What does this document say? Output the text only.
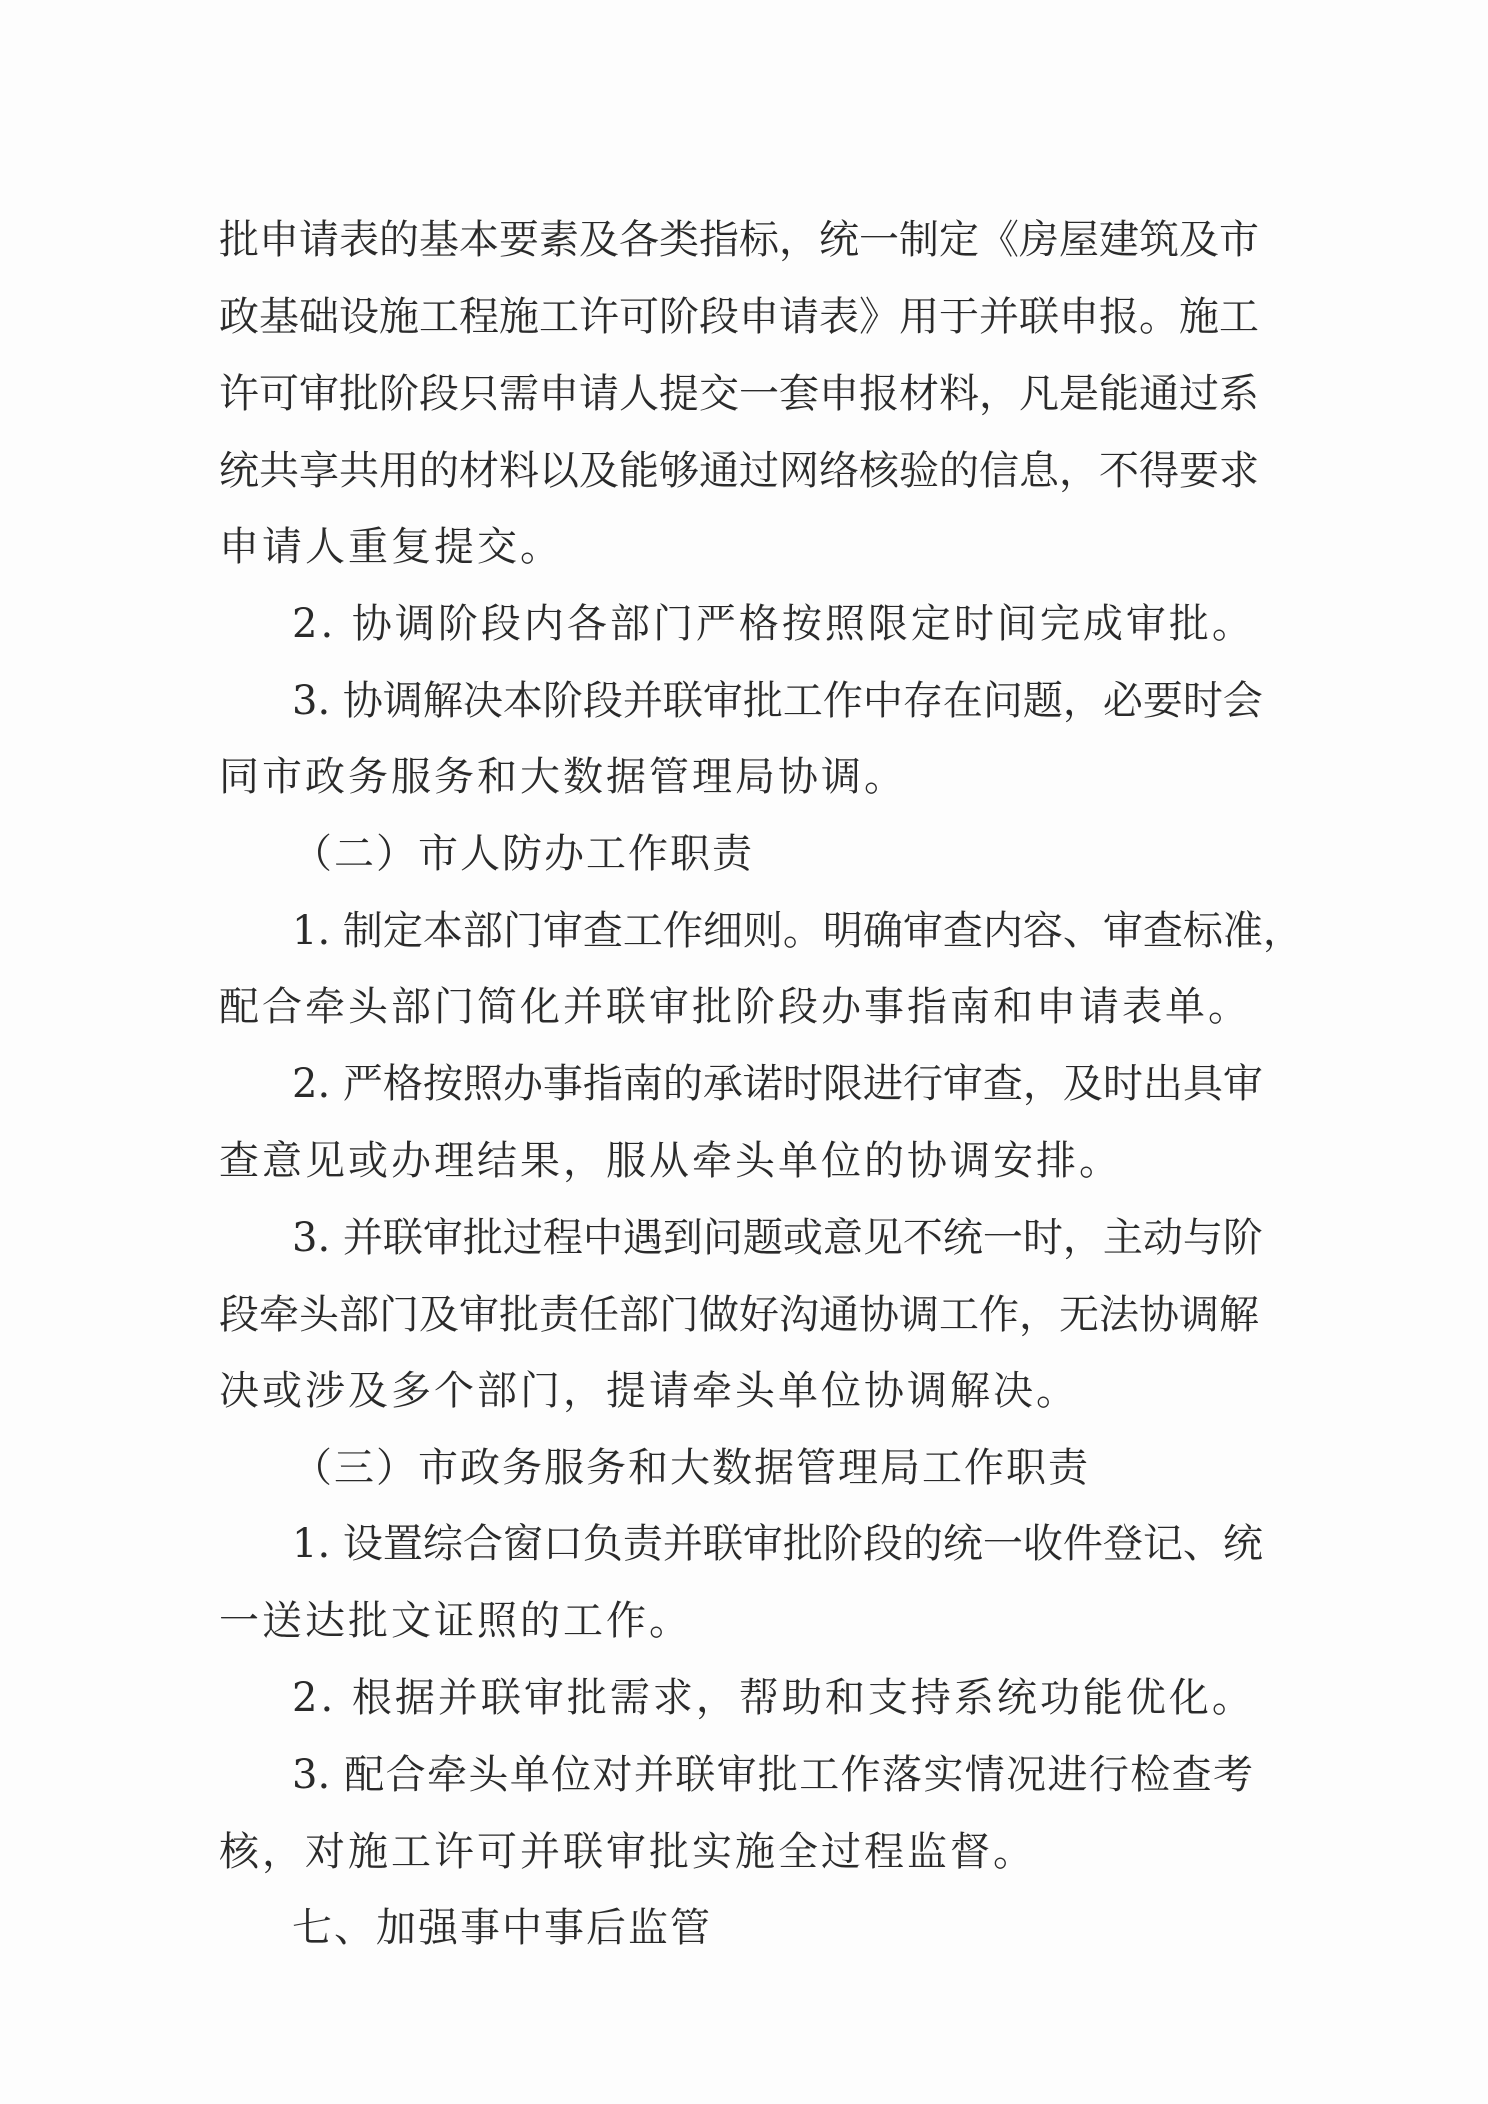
批申请表的基本要素及各类指标，统一制定《房屋建筑及市

政基础设施工程施工许可阶段申请表》用于并联申报。施工

许可审批阶段只需申请人提交一套申报材料，凡是能通过系

统共享共用的材料以及能够通过网络核验的信息，不得要求

申请人重复提交。

2. 协调阶段内各部门严格按照限定时间完成审批。

3. 协调解决本阶段并联审批工作中存在问题，必要时会

同市政务服务和大数据管理局协调。

（二）市人防办工作职责

1. 制定本部门审查工作细则。明确审查内容、审查标准，

配合牵头部门简化并联审批阶段办事指南和申请表单。

2. 严格按照办事指南的承诺时限进行审查，及时出具审

查意见或办理结果，服从牵头单位的协调安排。

3. 并联审批过程中遇到问题或意见不统一时，主动与阶

段牵头部门及审批责任部门做好沟通协调工作，无法协调解

决或涉及多个部门，提请牵头单位协调解决。

（三）市政务服务和大数据管理局工作职责

1. 设置综合窗口负责并联审批阶段的统一收件登记、统

一送达批文证照的工作。

2. 根据并联审批需求，帮助和支持系统功能优化。

3. 配合牵头单位对并联审批工作落实情况进行检查考

核，对施工许可并联审批实施全过程监督。

七、加强事中事后监管
